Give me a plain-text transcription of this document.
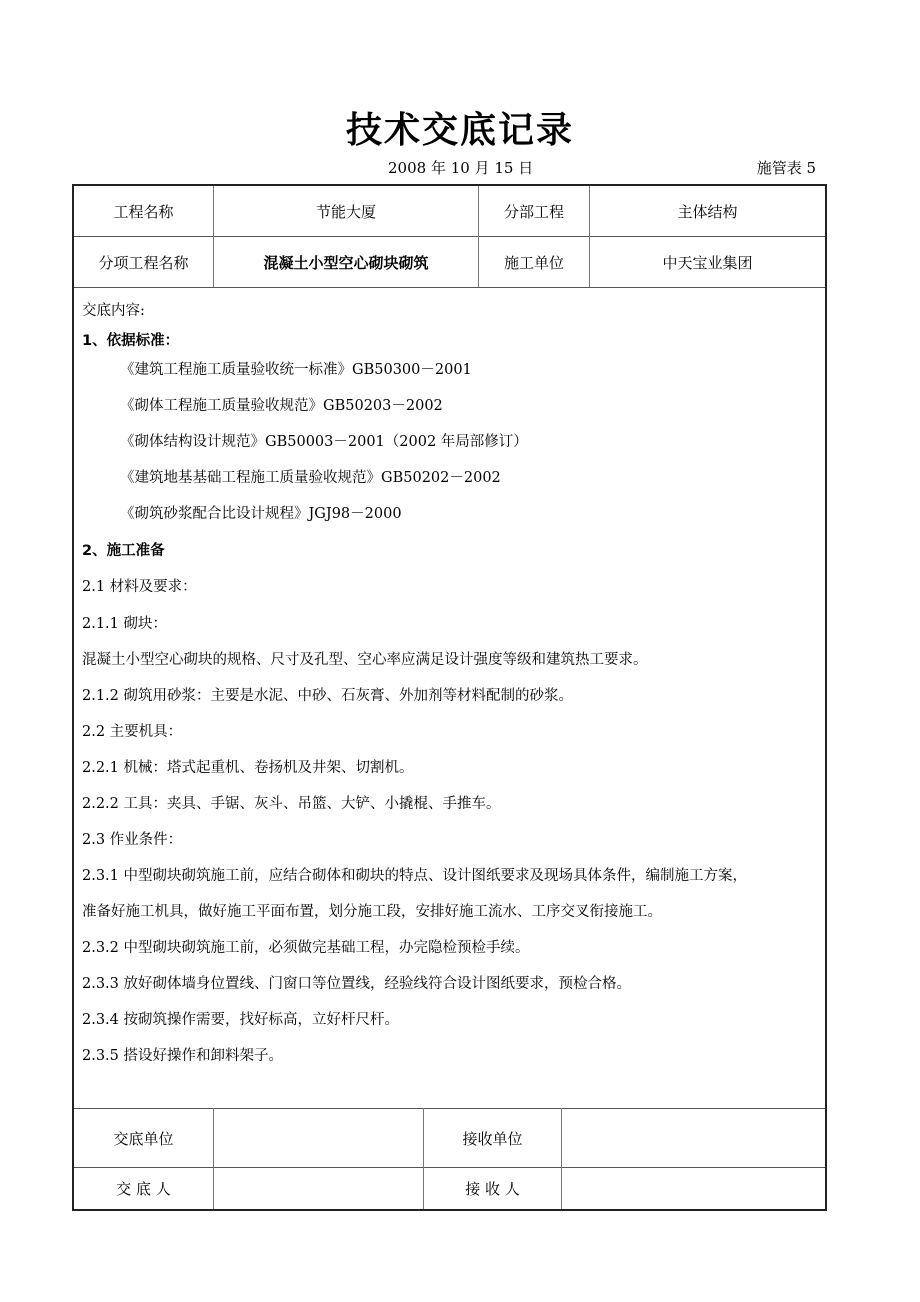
技术交底记录
2008 年 10 月 15 日	施管表 5
工程名称	节能大厦	分部工程	主体结构
分项工程名称	混凝土小型空心砌块砌筑	施工单位	中天宝业集团
交底内容:
1、依据标准：
《建筑工程施工质量验收统一标准》GB50300－2001
《砌体工程施工质量验收规范》GB50203－2002
《砌体结构设计规范》GB50003－2001（2002 年局部修订）
《建筑地基基础工程施工质量验收规范》GB50202－2002
《砌筑砂浆配合比设计规程》JGJ98－2000
2、施工准备
2.1 材料及要求：
2.1.1 砌块：
混凝土小型空心砌块的规格、尺寸及孔型、空心率应满足设计强度等级和建筑热工要求。
2.1.2 砌筑用砂浆：主要是水泥、中砂、石灰膏、外加剂等材料配制的砂浆。
2.2 主要机具：
2.2.1 机械：塔式起重机、卷扬机及井架、切割机。
2.2.2 工具：夹具、手锯、灰斗、吊篮、大铲、小撬棍、手推车。
2.3 作业条件：
2.3.1 中型砌块砌筑施工前，应结合砌体和砌块的特点、设计图纸要求及现场具体条件，编制施工方案，
准备好施工机具，做好施工平面布置，划分施工段，安排好施工流水、工序交叉衔接施工。
2.3.2 中型砌块砌筑施工前，必须做完基础工程，办完隐检预检手续。
2.3.3 放好砌体墙身位置线、门窗口等位置线，经验线符合设计图纸要求，预检合格。
2.3.4 按砌筑操作需要，找好标高，立好杆尺杆。
2.3.5 搭设好操作和卸料架子。
交底单位	接收单位
交 底 人	接 收 人
